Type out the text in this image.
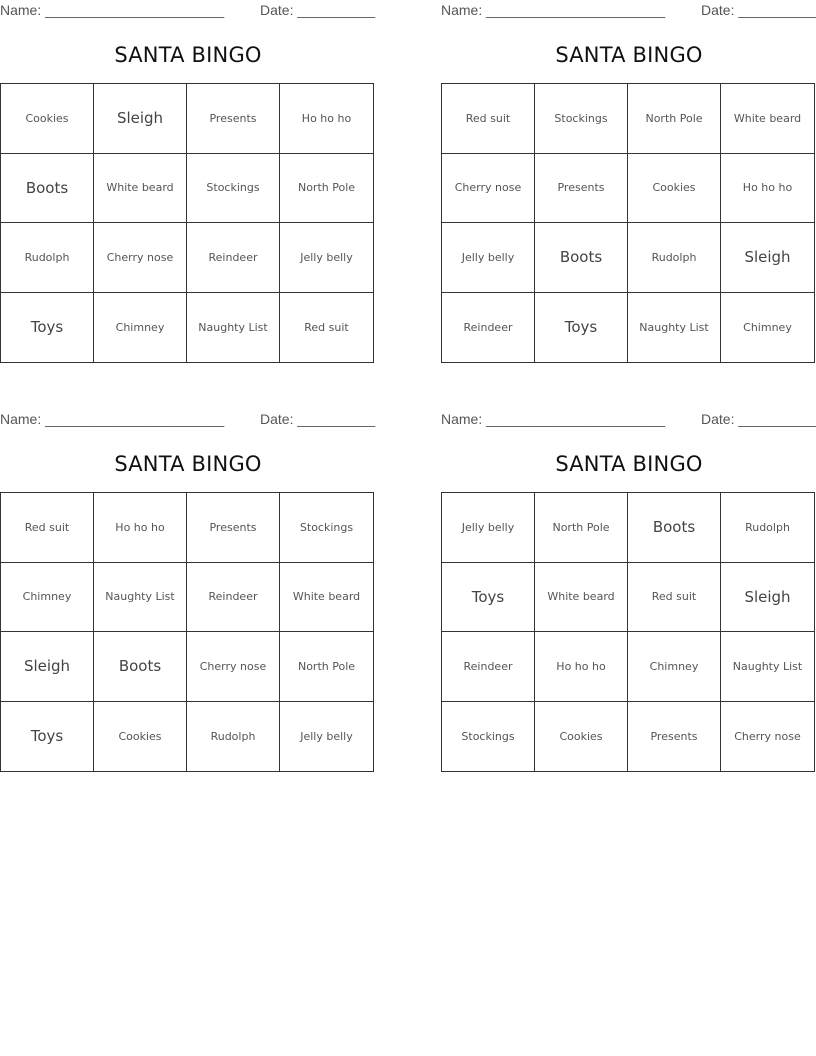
Name: _______________________	Date: __________
SANTA BINGO
Cookies	Sleigh	Presents	Ho ho ho
Boots	White beard	Stockings	North Pole
Rudolph	Cherry nose	Reindeer	Jelly belly
Toys	Chimney	Naughty List	Red suit
Name: _______________________	Date: __________
SANTA BINGO
Red suit	Stockings	North Pole	White beard
Cherry nose	Presents	Cookies	Ho ho ho
Jelly belly	Boots	Rudolph	Sleigh
Reindeer	Toys	Naughty List	Chimney
Name: _______________________	Date: __________
SANTA BINGO
Red suit	Ho ho ho	Presents	Stockings
Chimney	Naughty List	Reindeer	White beard
Sleigh	Boots	Cherry nose	North Pole
Toys	Cookies	Rudolph	Jelly belly
Name: _______________________	Date: __________
SANTA BINGO
Jelly belly	North Pole	Boots	Rudolph
Toys	White beard	Red suit	Sleigh
Reindeer	Ho ho ho	Chimney	Naughty List
Stockings	Cookies	Presents	Cherry nose
